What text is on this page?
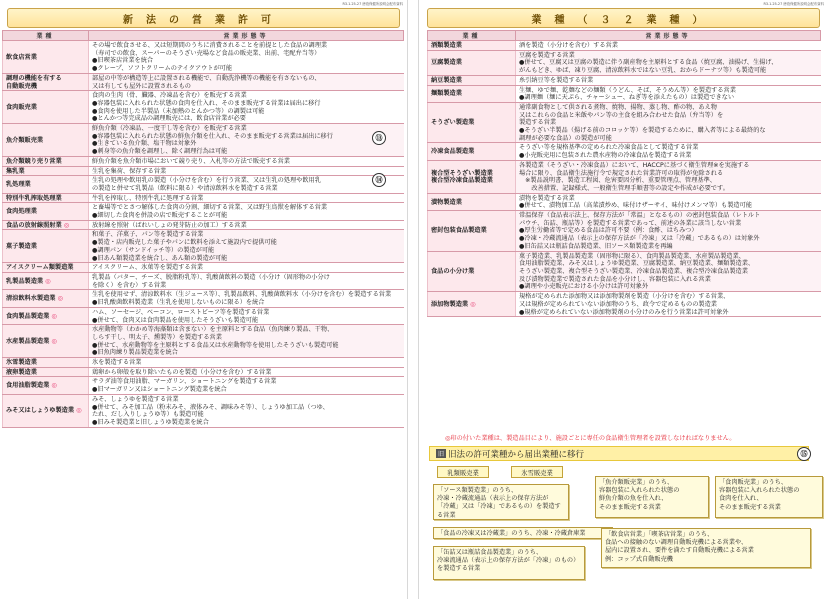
R3.1.25-27 徳島保健所説明会配布資料
新法の営業許可
業種	営業形態等
飲食店営業	その場で飲食させる、又は短期間のうちに消費されることを前提とした食品の調理業
（寿司での飲食、スーパーのそうざい売場など食品の販売業、出前、宅配弁当等）
●旧喫茶店営業を統合
●クレープ、ソフトクリームのテイクアウトが可能
調理の機能を有する
自動販売機	部屋の中等が構造等上に設置される機能で、自動洗浄機等の機能を有さないもの、
又は有しても屋外に設置されるもの
食肉販売業	食肉の生肉（骨、臓器、冷凍品を含む）を販売する営業
●容器包装に入れられた状態の食肉を仕入れ、そのまま販売する営業は届出に移行
●食肉を使用した半製品（未加熱のとんかつ等）の調製は可能
●とんかつ等完成品の調理販売には、飲食店営業が必要
魚介類販売業	鮮魚介類（冷凍品、一度干し等を含む）を販売する営業
●容器包装に入れられた状態の鮮魚介類を仕入れ、そのまま販売する営業は届出に移行
●生きている魚介類、塩干物は対象外
●刺身等の魚介類を調理し、除く調理行為は可能
魚介類競り売り営業	鮮魚介類を魚介類市場において競り売り、入札等の方法で販売する営業
集乳業	生乳を集荷、保存する営業
乳処理業	生乳の処理や飲用乳の製造（小分けを含む）を行う営業、又は生乳の処理や飲用乳
の製造と併せて乳製品（飲料に限る）や清涼飲料水を製造する営業
特別牛乳搾取処理業	牛乳を搾取し、特別牛乳に処理する営業
食肉処理業	と畜場等でとさつ解体した食肉の分割、細切する営業、又は野生鳥獣を解体する営業
●細切した食肉を併設の店で販売することが可能
食品の放射線照射業 ◎	放射線を照射（ばれいしょの発芽防止の加工）する営業
菓子製造業	和菓子、洋菓子、パン等を製造する営業
●製造・店内販売した菓子やパンに飲料を添えて施設内で提供可能
●調理パン（サンドイッチ等）の製造が可能
●旧あん類製造業を統合し、あん類の製造が可能
アイスクリーム類製造業	アイスクリーム、氷菓等を製造する営業
乳製品製造業 ◎	乳製品（バター、チーズ、脱脂粉乳等）、乳酸菌飲料の製造（小分け（固形物の小分け
を除く）を含む）する営業
清涼飲料水製造業 ◎	生乳を使用せず、清涼飲料水（生ジュース等）、乳製品飲料、乳酸菌飲料水（小分けを含む）を製造する営業
●旧乳酸菌飲料製造業（生乳を使用しないものに限る）を統合
食肉製品製造業 ◎	ハム、ソーセージ、ベーコン、ローストビーフ等を製造する営業
●併せて、食肉又は食肉製品を使用したそうざいも製造可能
水産製品製造業 ◎	水産動物等（わかめ等海藻類は含まない）を主原料とする食品（魚肉練り製品、干物、
しらす干し、明太子、燻製等）を製造する営業
●併せて、水産動物等を主原料とする食品又は水産動物等を使用したそうざいも製造可能
●旧魚肉練り製品製造業を統合
氷雪製造業	氷を製造する営業
液卵製造業	鶏卵から卵殻を取り除いたものを製造（小分けを含む）する営業
食用油脂製造業 ◎	サラダ油等食用油脂、マーガリン、ショートニングを製造する営業
●旧マーガリン又はショートニング製造業を統合
みそ又はしょうゆ製造業 ◎	みそ、しょうゆを製造する営業
●併せて、みそ加工品（粉末みそ、液体みそ、調味みそ等）、しょうゆ加工品（つゆ、
たれ、だし入りしょうゆ等）も製造可能
●旧みそ製造業と旧しょうゆ製造業を統合
⑬
⑭
R3.1.25-27 徳島保健所説明会配布資料
業種（３２業種）
業種	営業形態等
酒類製造業	酒を製造（小分けを含む）する営業
豆腐製造業	豆腐を製造する営業
●併せて、豆腐又は豆腐の製造に伴う副産物を主原料とする食品（焼豆腐、油揚げ、生揚げ、
がんもどき、ゆば、凍り豆腐、清涼飲料水ではない豆乳、おからドーナツ等）も製造可能
納豆製造業	糸引納豆等を製造する営業
麺類製造業	生麺、ゆで麺、乾麺などの麺類（うどん、そば、そうめん等）を製造する営業
●調理麺（麺に天ぷら、チャーシュー、ねぎ等を添えたもの）は製造できない
そうざい製造業	通常副食物として供される煮物、焼物、揚物、蒸し物、酢の物、あえ物
又はこれらの食品と米飯やパン等の主食を組み合わせた食品（弁当等）を
製造する営業
●そうざい半製品（揚げる前のコロッケ等）を製造するために、購入者等による最終的な
調理が必要な食品）の製造が可能
冷凍食品製造業	そうざい等を規格基準の定められた冷凍食品として製造する営業
●小売販売用に包装された農水産物の冷凍食品を製造する営業
複合型そうざい製造業
複合型冷凍食品製造業	各製造業（そうざい・冷凍食品）において、HACCPに基づく衛生管理※を実施する
場合に限り、食品衛生法施行令で規定された営業許可の取得が免除される
　※製品説明書、製造工程図、危害要因分析、重要管理点、管理基準、
　　改善措置、記録様式、一般衛生管理手順書等の設定や作成が必要です。
漬物製造業	漬物を製造する営業
●併せて、漬物加工品（高菜漬炒め、味付けザーサイ、味付けメンマ等）も製造可能
密封包装食品製造業	常温保存（食品表示法上、保存方法が「常温」となるもの）の密封包装食品（レトルト
パウチ、缶詰、瓶詰等）を製造する営業であって、前述の各業に該当しない営業
●厚生労働省等で定める食品は許可不要（例：食酢、はちみつ）
●冷凍・冷蔵流通品（表示上の保存方法が「冷凍」又は「冷蔵」であるもの）は対象外
●旧缶詰又は瓶詰食品製造業、旧ソース類製造業を再編
食品の小分け業	菓子製造業、乳製品製造業（固形物に限る）、食肉製品製造業、水産製品製造業、
食用油脂製造業、みそ又はしょうゆ製造業、豆腐製造業、納豆製造業、麺類製造業、
そうざい製造業、複合型そうざい製造業、冷凍食品製造業、複合型冷凍食品製造業
及び漬物製造業で製造された食品を小分けし、容器包装に入れる営業
●調理や小売販売における小分けは許可対象外
添加物製造業 ◎	規格が定められた添加物又は添加物製剤を製造（小分けを含む）する営業、
又は規格が定められていない添加物のうち、政令で定めるものの製造業
●規格が定められていない添加物製剤の小分けのみを行う営業は許可対象外
◎印の付いた業種は、製造品目により、施設ごとに専任の食品衛生管理者を設置しなければなりません。
旧 旧法の許可業種から届出業種に移行	⑮
乳類販売業	氷雪販売業
「ソース類製造業」のうち、
冷凍・冷蔵流通品（表示上の保存方法が
「冷蔵」又は「冷凍」であるもの）を製造する営業
「魚介類販売業」のうち、
容器包装に入れられた状態の
鮮魚介類の魚を仕入れ、
そのまま販売する営業
「食肉販売業」のうち、
容器包装に入れられた状態の
食肉を仕入れ、
そのまま販売する営業
「食品の冷凍又は冷蔵業」のうち、冷凍・冷蔵倉庫業
「缶詰又は瓶詰食品製造業」のうち、
冷凍流通品（表示上の保存方法が「冷凍」のもの）
を製造する営業
「飲食店営業」「喫茶店営業」のうち、
食品への接触のない調理自動販売機による営業や、
屋内に設置され、要件を満たす自動販売機による営業
例：コップ式自動販売機
